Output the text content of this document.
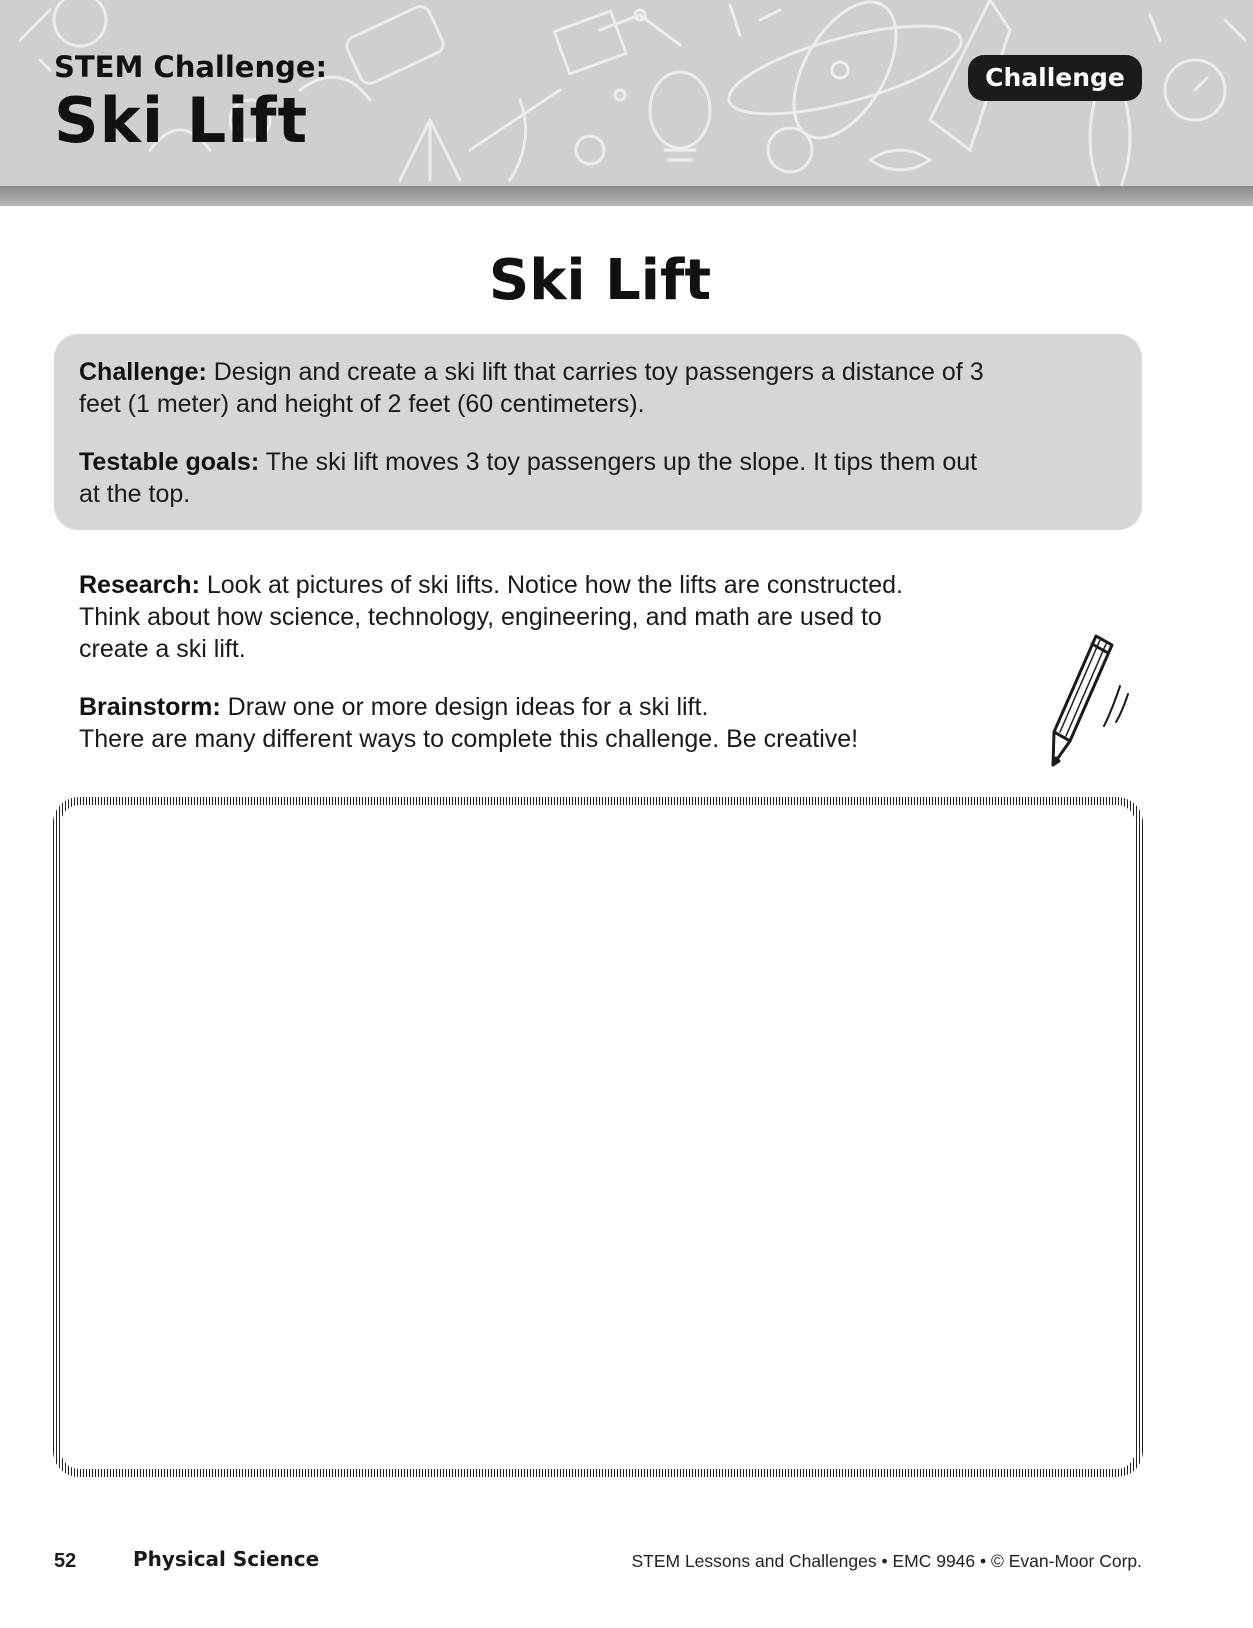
STEM Challenge:
Ski Lift
Challenge
Ski Lift

Challenge: Design and create a ski lift that carries toy passengers a distance of 3 feet (1 meter) and height of 2 feet (60 centimeters).

Testable goals: The ski lift moves 3 toy passengers up the slope. It tips them out at the top.

Research: Look at pictures of ski lifts. Notice how the lifts are constructed. Think about how science, technology, engineering, and math are used to create a ski lift.

Brainstorm: Draw one or more design ideas for a ski lift.
There are many different ways to complete this challenge. Be creative!

52	Physical Science	STEM Lessons and Challenges • EMC 9946 • © Evan-Moor Corp.
